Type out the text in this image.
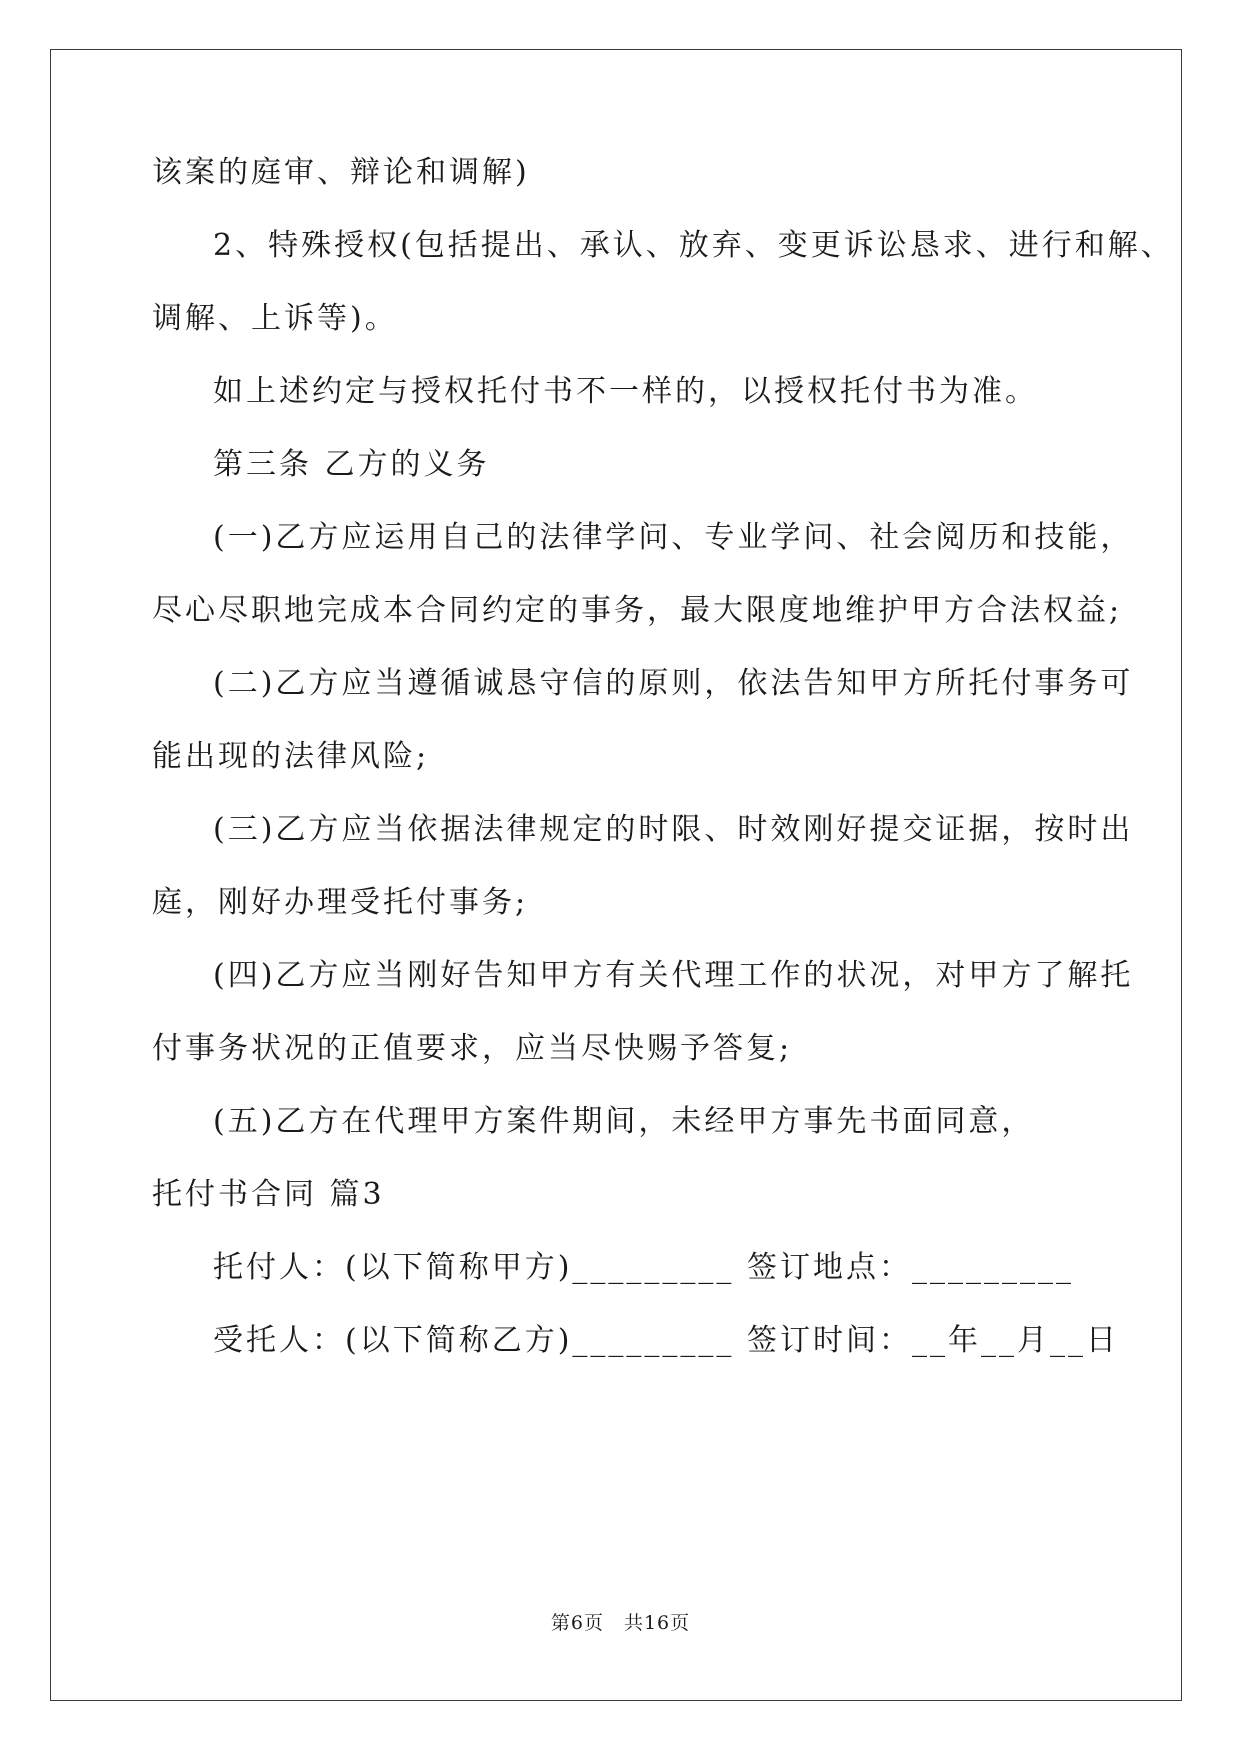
该案的庭审、辩论和调解)
2、特殊授权(包括提出、承认、放弃、变更诉讼恳求、进行和解、
调解、上诉等)。
如上述约定与授权托付书不一样的，以授权托付书为准。
第三条 乙方的义务
(一)乙方应运用自己的法律学问、专业学问、社会阅历和技能，
尽心尽职地完成本合同约定的事务，最大限度地维护甲方合法权益;
(二)乙方应当遵循诚恳守信的原则，依法告知甲方所托付事务可
能出现的法律风险;
(三)乙方应当依据法律规定的时限、时效刚好提交证据，按时出
庭，刚好办理受托付事务;
(四)乙方应当刚好告知甲方有关代理工作的状况，对甲方了解托
付事务状况的正值要求，应当尽快赐予答复;
(五)乙方在代理甲方案件期间，未经甲方事先书面同意，
托付书合同 篇3
托付人：(以下简称甲方)_________ 签订地点：_________
受托人：(以下简称乙方)_________ 签订时间：__年__月__日
第6页　共16页
